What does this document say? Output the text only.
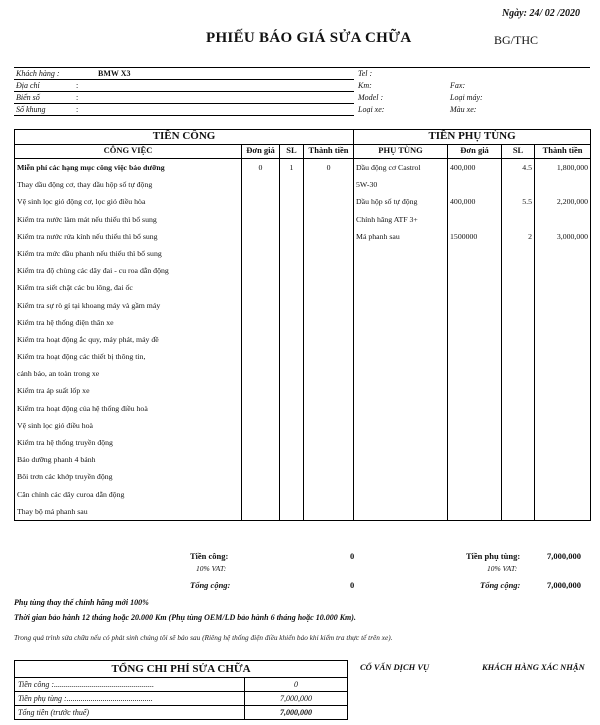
Ngày: 24/ 02 /2020
PHIẾU BÁO GIÁ SỬA CHỮA	BG/THC
Khách hàng :	BMW X3	Tel :
Địa chỉ	:	Km:	Fax:
Biển số	:	Model :	Loại máy:
Số khung	:	Loại xe:	Màu xe:
TIỀN CÔNG				TIỀN PHỤ TÙNG			
CÔNG VIỆC	Đơn giá	SL	Thành tiền	PHỤ TÙNG	Đơn giá	SL	Thành tiền
Miễn phí các hạng mục công việc bảo dưỡng	0	1	0	Dầu động cơ Castrol	400,000	4.5	1,800,000
Thay dầu động cơ, thay dầu hộp số tự động				5W-30			
Vệ sinh lọc gió động cơ, lọc gió điều hòa				Dầu hộp số tự động	400,000	5.5	2,200,000
Kiểm tra nước làm mát nếu thiếu thì bổ sung				Chính hãng ATF 3+			
Kiểm tra nước rửa kính nếu thiếu thì bổ sung				Má phanh sau	1500000	2	3,000,000
Kiểm tra mức dầu phanh nếu thiếu thì bổ sung							
Kiểm tra độ chùng các dây đai - cu roa dẫn động							
Kiểm tra siết chặt các bu lông, đai ốc							
Kiểm tra sự rò gỉ tại khoang máy và gầm máy							
Kiểm tra hệ thống điện thân xe							
Kiểm tra hoạt động ắc quy, máy phát, máy đề							
Kiểm tra hoạt động các thiết bị thông tin,							
cảnh báo, an toàn trong xe							
Kiểm tra áp suất lốp xe							
Kiểm tra hoạt động của hệ thống điều hoà							
Vệ sinh lọc gió điều hoà							
Kiểm tra hệ thống truyền động							
Bảo dưỡng phanh 4 bánh							
Bôi trơn các khớp truyền động							
Căn chỉnh các dây curoa dẫn động							
Thay bộ má phanh sau							
Tiền công:	0
10% VAT:
Tổng cộng:	0
Tiền phụ tùng:	7,000,000
10% VAT:
Tổng cộng:	7,000,000
Phụ tùng thay thế chính hãng mới 100%
Thời gian bảo hành 12 tháng hoặc 20.000 Km (Phụ tùng OEM/LD bảo hành 6 tháng hoặc 10.000 Km).
Trong quá trình sửa chữa nếu có phát sinh chúng tôi sẽ báo sau (Riêng hệ thống điện điều khiển báo khi kiểm tra thực tế trên xe).
TỔNG CHI PHÍ SỬA CHỮA	
Tiền công :..................................................	0
Tiền phụ tùng :...........................................	7,000,000
Tổng tiền (trước thuế)	7,000,000
CỐ VẤN DỊCH VỤ	KHÁCH HÀNG XÁC NHẬN
